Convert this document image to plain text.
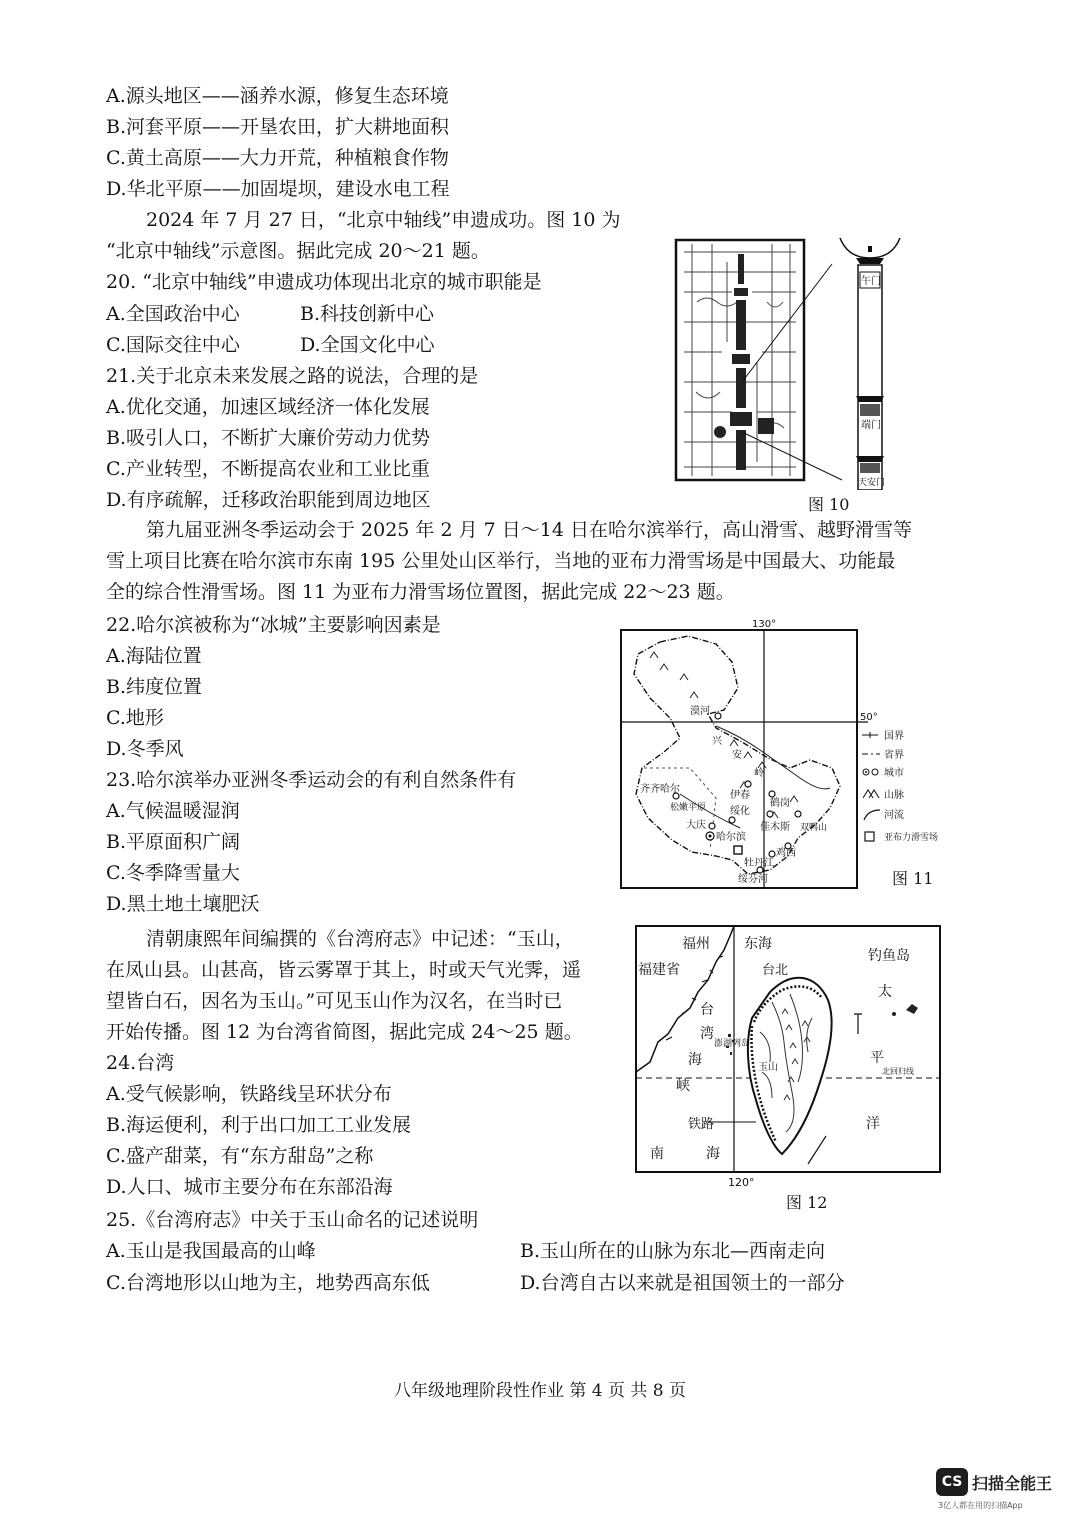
A.源头地区——涵养水源，修复生态环境
B.河套平原——开垦农田，扩大耕地面积
C.黄土高原——大力开荒，种植粮食作物
D.华北平原——加固堤坝，建设水电工程
2024 年 7 月 27 日，“北京中轴线”申遗成功。图 10 为
“北京中轴线”示意图。据此完成 20～21 题。
20. “北京中轴线”申遗成功体现出北京的城市职能是
A.全国政治中心	B.科技创新中心
C.国际交往中心	D.全国文化中心
21.关于北京未来发展之路的说法，合理的是
A.优化交通，加速区域经济一体化发展
B.吸引人口，不断扩大廉价劳动力优势
C.产业转型，不断提高农业和工业比重
D.有序疏解，迁移政治职能到周边地区
午门
端门
天安门
图 10
第九届亚洲冬季运动会于 2025 年 2 月 7 日～14 日在哈尔滨举行，高山滑雪、越野滑雪等
雪上项目比赛在哈尔滨市东南 195 公里处山区举行，当地的亚布力滑雪场是中国最大、功能最
全的综合性滑雪场。图 11 为亚布力滑雪场位置图，据此完成 22～23 题。
22.哈尔滨被称为“冰城”主要影响因素是
A.海陆位置
B.纬度位置
C.地形
D.冬季风
23.哈尔滨举办亚洲冬季运动会的有利自然条件有
A.气候温暖湿润
B.平原面积广阔
C.冬季降雪量大
D.黑土地土壤肥沃
130°
50°
漠河
兴
安
岭
齐齐哈尔
松嫩平原
伊春
鹤岗
绥化
佳木斯
大庆	双鸭山
哈尔滨
鸡西
牡丹江
绥芬河
国界
省界
城市
山脉
河流
亚布力滑雪场
图 11
清朝康熙年间编撰的《台湾府志》中记述：“玉山，
在凤山县。山甚高，皆云雾罩于其上，时或天气光霁，遥
望皆白石，因名为玉山。”可见玉山作为汉名，在当时已
开始传播。图 12 为台湾省简图，据此完成 24～25 题。
24.台湾
A.受气候影响，铁路线呈环状分布
B.海运便利，利于出口加工工业发展
C.盛产甜菜，有“东方甜岛”之称
D.人口、城市主要分布在东部沿海
福州
福建省
东海
台北
钓鱼岛
太
台
湾
海
峡
澎湖列岛
玉山
平
北回归线
洋
铁路
南	海
120°
图 12
25.《台湾府志》中关于玉山命名的记述说明
A.玉山是我国最高的山峰	B.玉山所在的山脉为东北—西南走向
C.台湾地形以山地为主，地势西高东低	D.台湾自古以来就是祖国领土的一部分
八年级地理阶段性作业 第 4 页 共 8 页
CS 扫描全能王
3亿人都在用的扫描App
